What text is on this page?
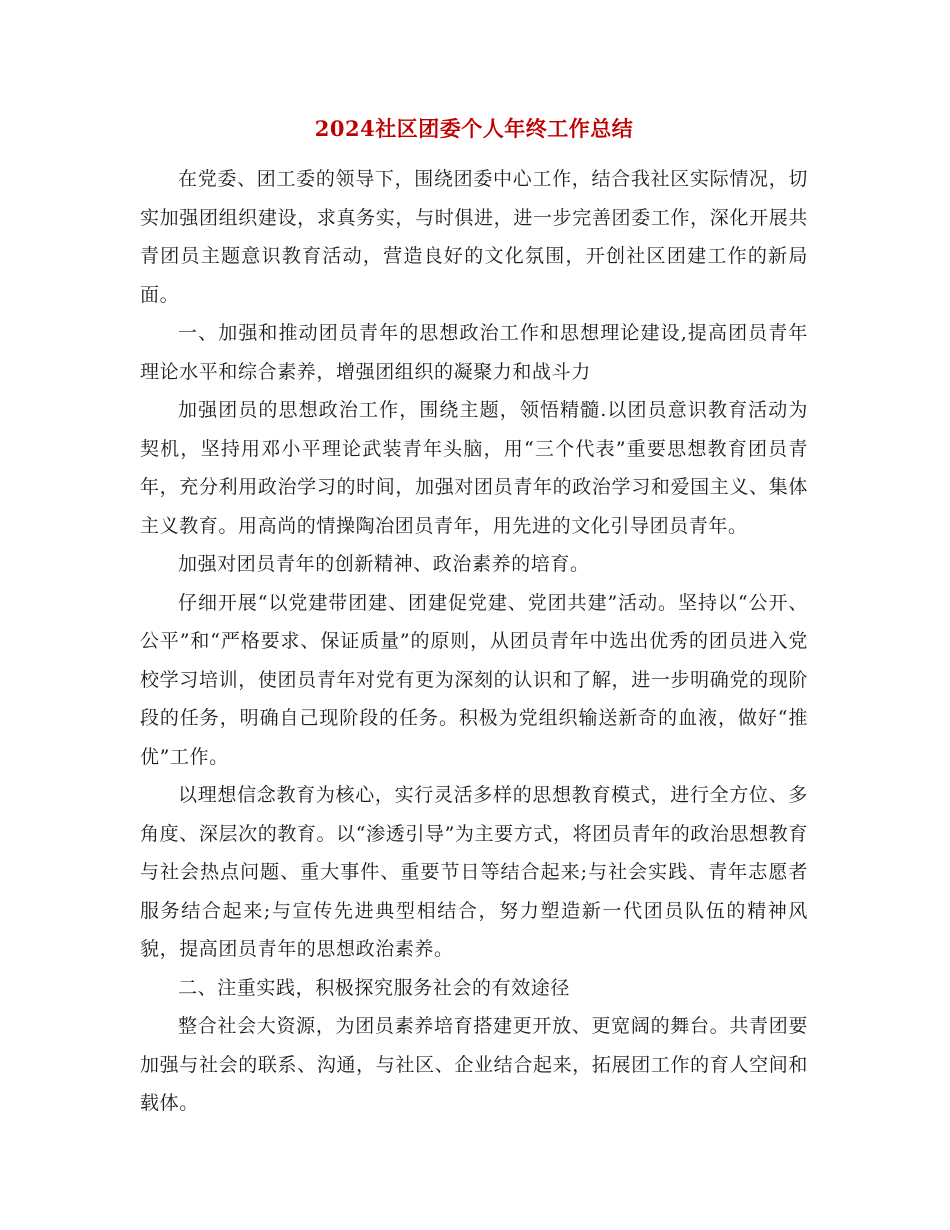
2024社区团委个人年终工作总结

在党委、团工委的领导下，围绕团委中心工作，结合我社区实际情况，切实加强团组织建设，求真务实，与时俱进，进一步完善团委工作，深化开展共青团员主题意识教育活动，营造良好的文化氛围，开创社区团建工作的新局面。

一、加强和推动团员青年的思想政治工作和思想理论建设,提高团员青年理论水平和综合素养，增强团组织的凝聚力和战斗力

加强团员的思想政治工作，围绕主题，领悟精髓.以团员意识教育活动为契机，坚持用邓小平理论武装青年头脑，用“三个代表”重要思想教育团员青年，充分利用政治学习的时间，加强对团员青年的政治学习和爱国主义、集体主义教育。用高尚的情操陶冶团员青年，用先进的文化引导团员青年。

加强对团员青年的创新精神、政治素养的培育。

仔细开展“以党建带团建、团建促党建、党团共建”活动。坚持以“公开、公平”和“严格要求、保证质量”的原则，从团员青年中选出优秀的团员进入党校学习培训，使团员青年对党有更为深刻的认识和了解，进一步明确党的现阶段的任务，明确自己现阶段的任务。积极为党组织输送新奇的血液，做好“推优”工作。

以理想信念教育为核心，实行灵活多样的思想教育模式，进行全方位、多角度、深层次的教育。以“渗透引导”为主要方式，将团员青年的政治思想教育与社会热点问题、重大事件、重要节日等结合起来;与社会实践、青年志愿者服务结合起来;与宣传先进典型相结合，努力塑造新一代团员队伍的精神风貌，提高团员青年的思想政治素养。

二、注重实践，积极探究服务社会的有效途径

整合社会大资源，为团员素养培育搭建更开放、更宽阔的舞台。共青团要加强与社会的联系、沟通，与社区、企业结合起来，拓展团工作的育人空间和载体。
